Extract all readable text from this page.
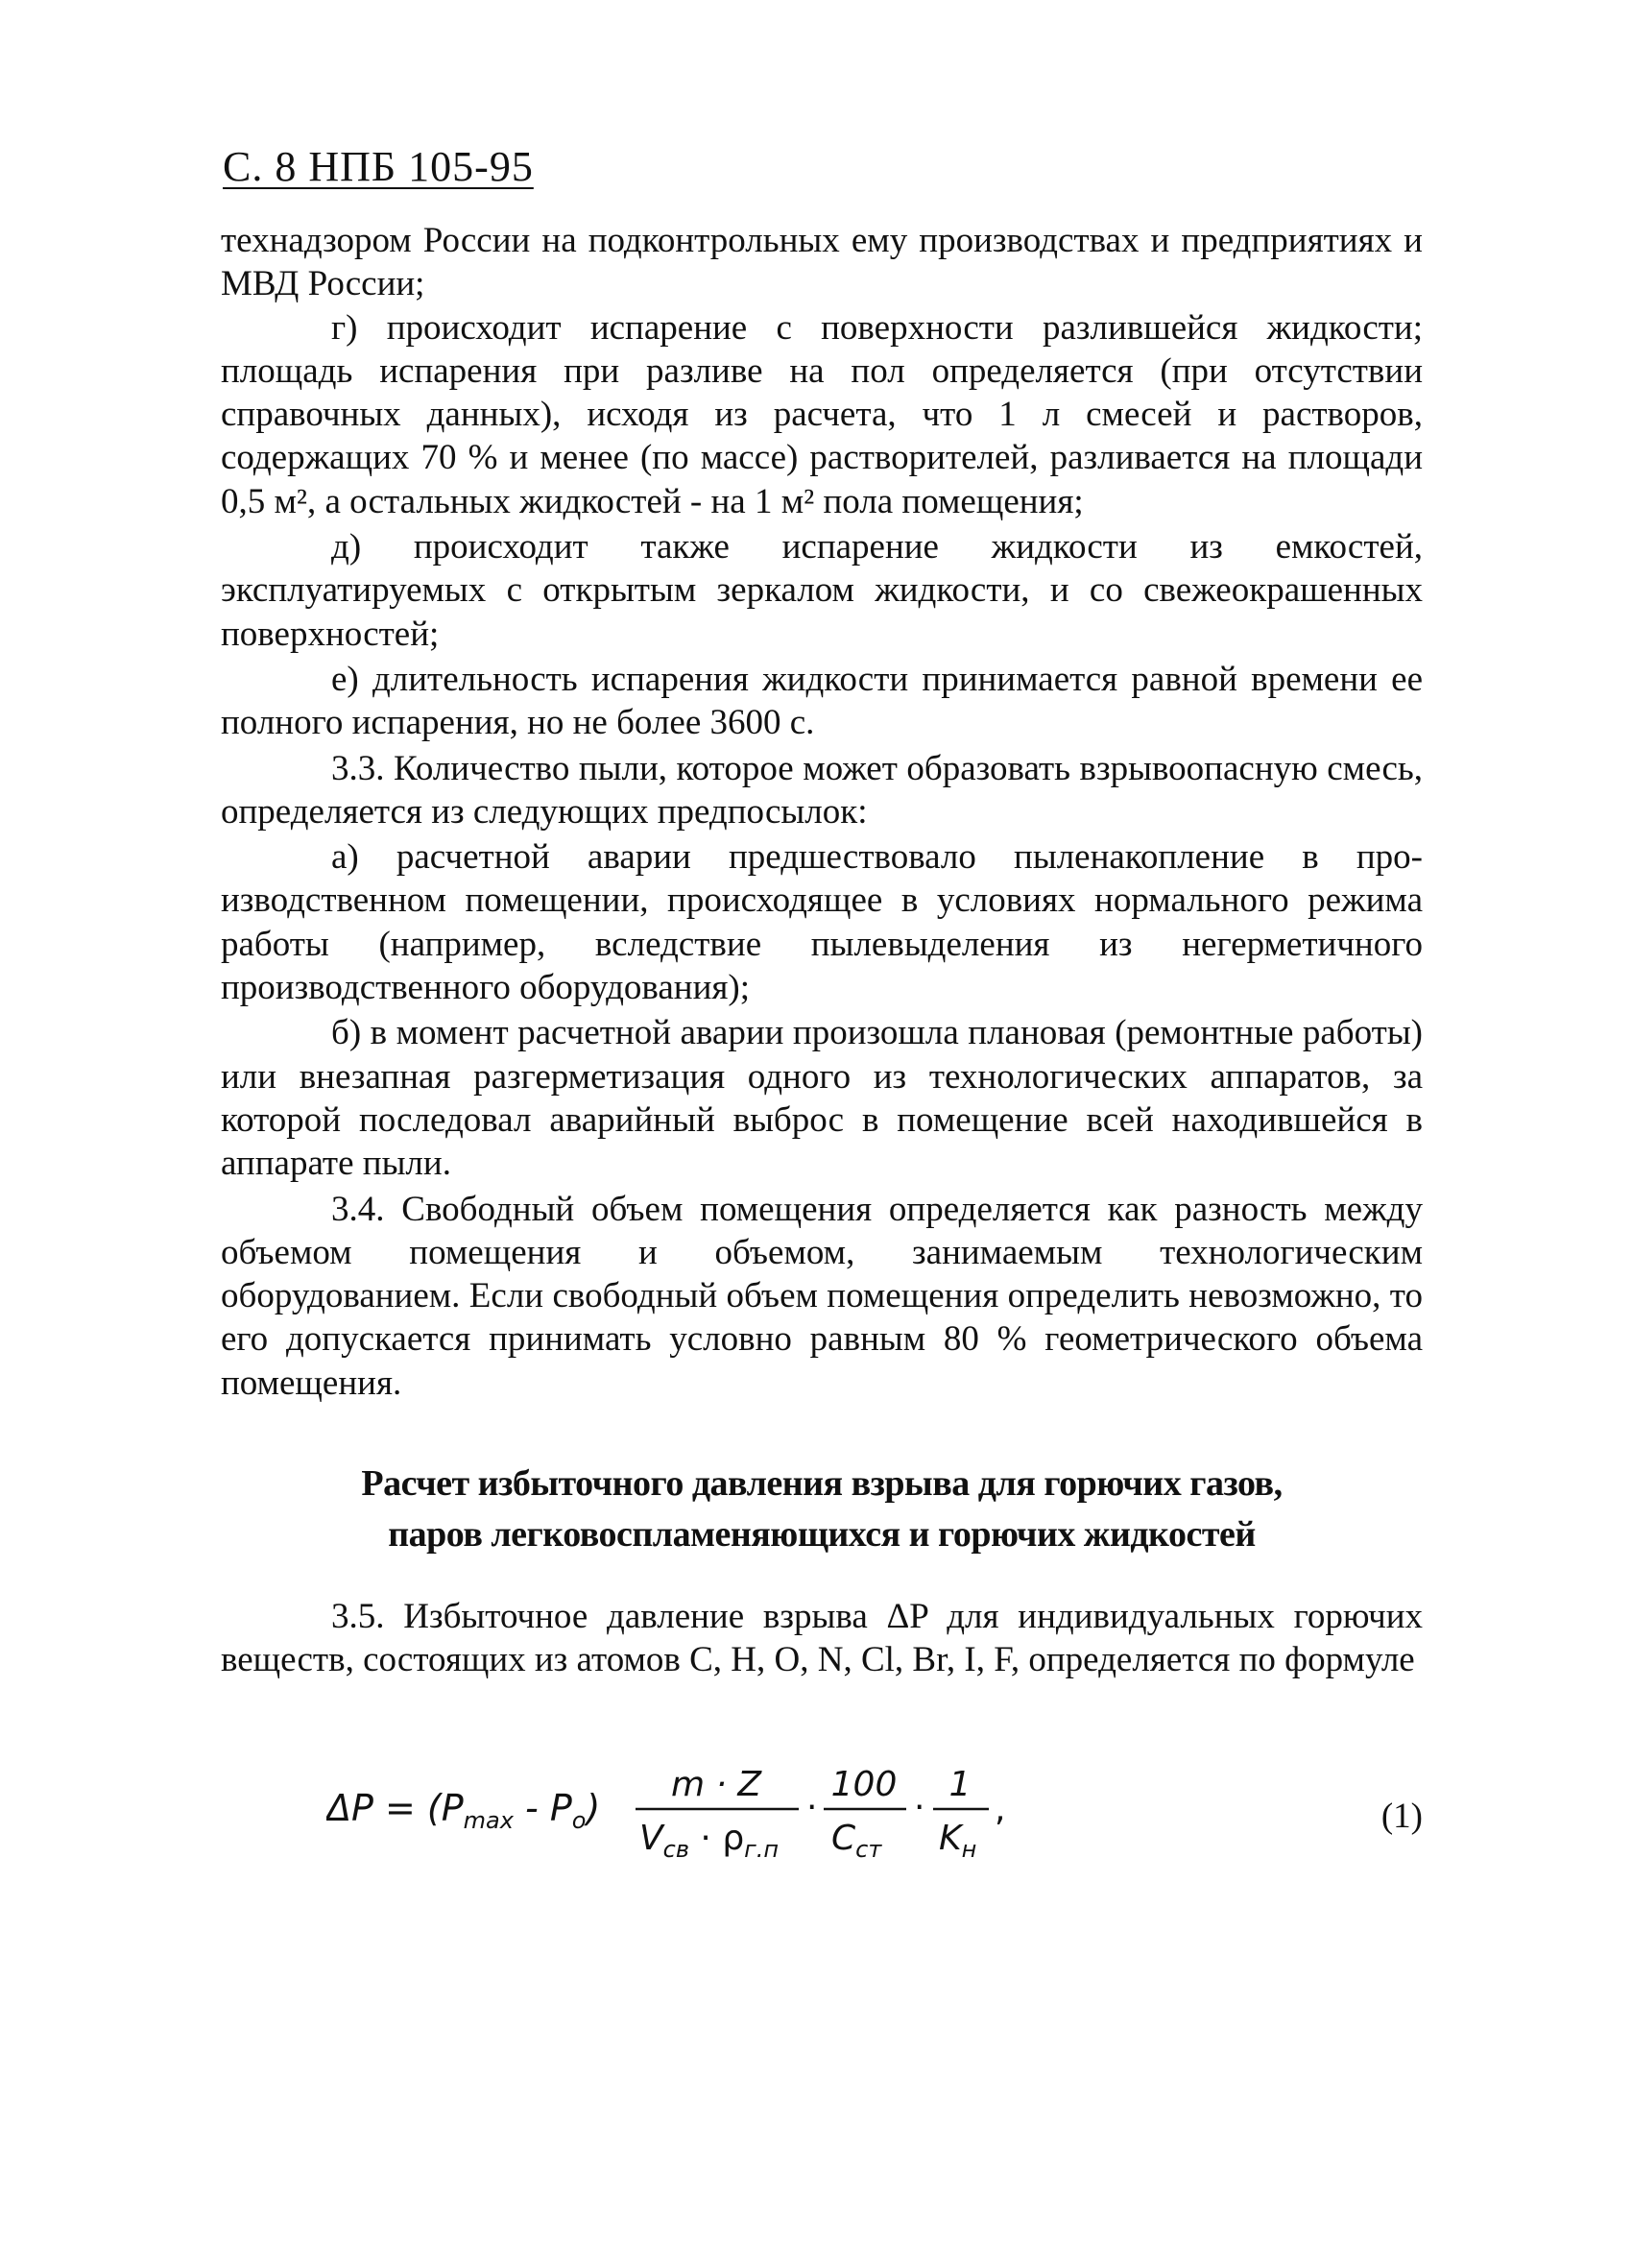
С. 8 НПБ 105-95

технадзором России на подконтрольных ему производствах и предприятиях и МВД России;

г) происходит испарение с поверхности разлившейся жидкости; площадь испарения при разливе на пол определяется (при отсутствии справочных данных), исходя из расчета, что 1 л смесей и растворов, содержащих 70 % и менее (по массе) растворителей, разливается на площади 0,5 м², а остальных жидкостей - на 1 м² пола помещения;

д) происходит также испарение жидкости из емкостей, эксплуатируемых с открытым зеркалом жидкости, и со свежеокрашенных поверхностей;

е) длительность испарения жидкости принимается равной времени ее полного испарения, но не более 3600 с.

3.3. Количество пыли, которое может образовать взрывоопасную смесь, определяется из следующих предпосылок:

а) расчетной аварии предшествовало пыленакопление в производственном помещении, происходящее в условиях нормального режима работы (например, вследствие пылевыделения из негерметичного производственного оборудования);

б) в момент расчетной аварии произошла плановая (ремонтные работы) или внезапная разгерметизация одного из технологических аппаратов, за которой последовал аварийный выброс в помещение всей находившейся в аппарате пыли.

3.4. Свободный объем помещения определяется как разность между объемом помещения и объемом, занимаемым технологическим оборудованием. Если свободный объем помещения определить невозможно, то его допускается принимать условно равным 80 % геометрического объема помещения.

Расчет избыточного давления взрыва для горючих газов,
паров легковоспламеняющихся и горючих жидкостей

3.5. Избыточное давление взрыва ΔP для индивидуальных горючих веществ, состоящих из атомов C, H, O, N, Cl, Br, I, F, определяется по формуле

$\Delta P = (P_{max} - P_o)$
m · Z
$V_{св} \cdot \rho_{г.п}$
·
100
$C_{ст}$
·
1
$K_н$
,	(1)
